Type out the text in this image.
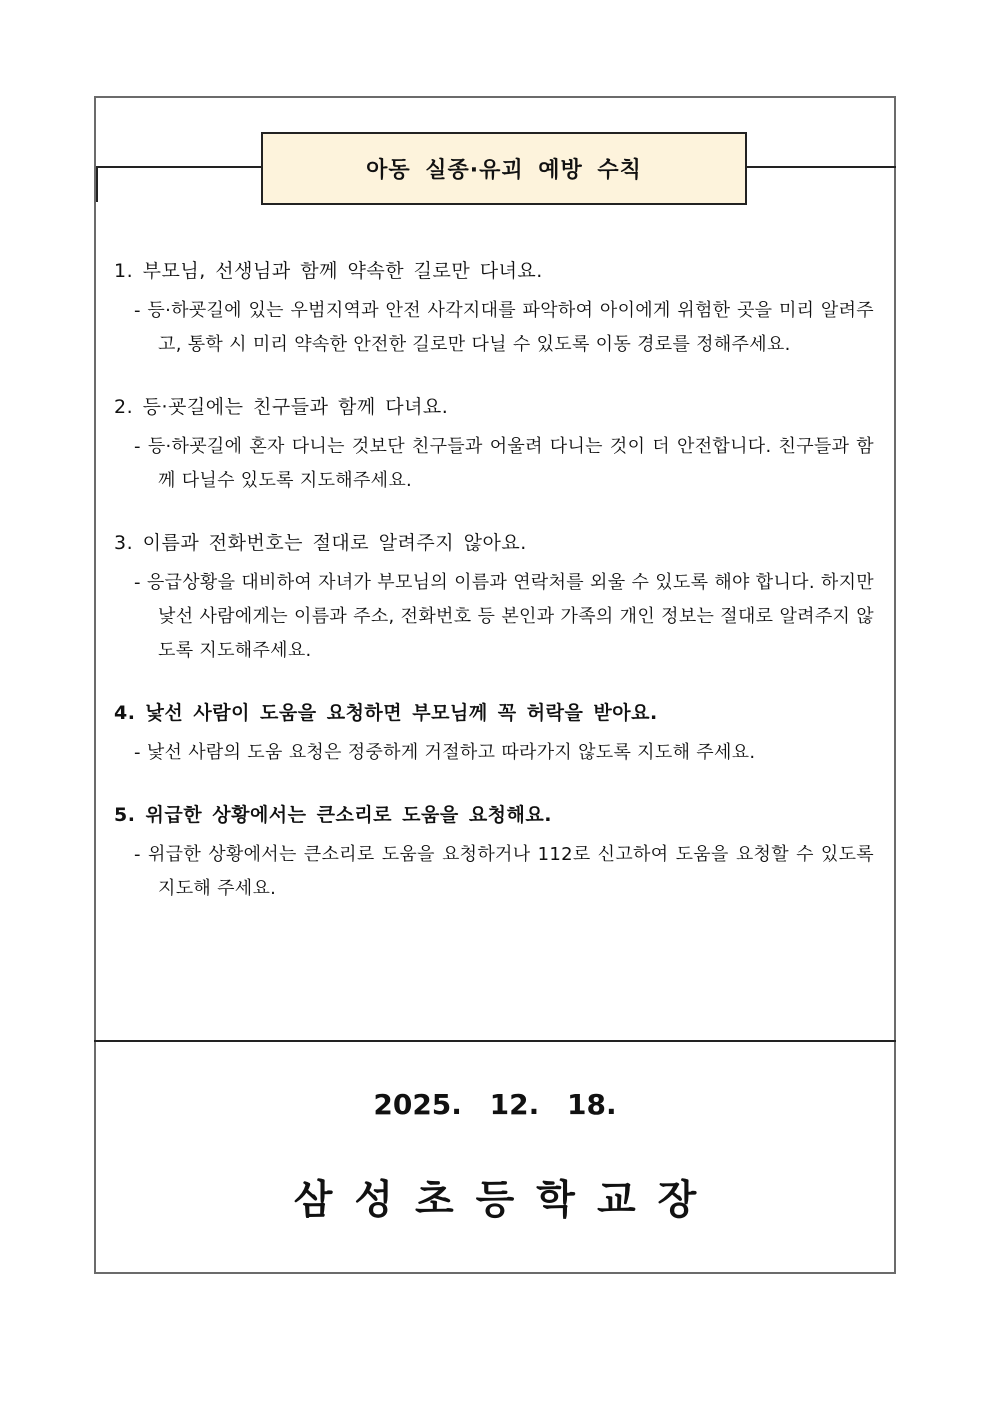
아동 실종·유괴 예방 수칙
1. 부모님, 선생님과 함께 약속한 길로만 다녀요.
- 등·하굣길에 있는 우범지역과 안전 사각지대를 파악하여 아이에게 위험한 곳을 미리 알려주고, 통학 시 미리 약속한 안전한 길로만 다닐 수 있도록 이동 경로를 정해주세요.
2. 등·굣길에는 친구들과 함께 다녀요.
- 등·하굣길에 혼자 다니는 것보단 친구들과 어울려 다니는 것이 더 안전합니다. 친구들과 함께 다닐수 있도록 지도해주세요.
3. 이름과 전화번호는 절대로 알려주지 않아요.
- 응급상황을 대비하여 자녀가 부모님의 이름과 연락처를 외울 수 있도록 해야 합니다. 하지만 낯선 사람에게는 이름과 주소, 전화번호 등 본인과 가족의 개인 정보는 절대로 알려주지 않도록 지도해주세요.
4. 낯선 사람이 도움을 요청하면 부모님께 꼭 허락을 받아요.
- 낯선 사람의 도움 요청은 정중하게 거절하고 따라가지 않도록 지도해 주세요.
5. 위급한 상황에서는 큰소리로 도움을 요청해요.
- 위급한 상황에서는 큰소리로 도움을 요청하거나 112로 신고하여 도움을 요청할 수 있도록 지도해 주세요.
2025. 12. 18.
삼성초등학교장
